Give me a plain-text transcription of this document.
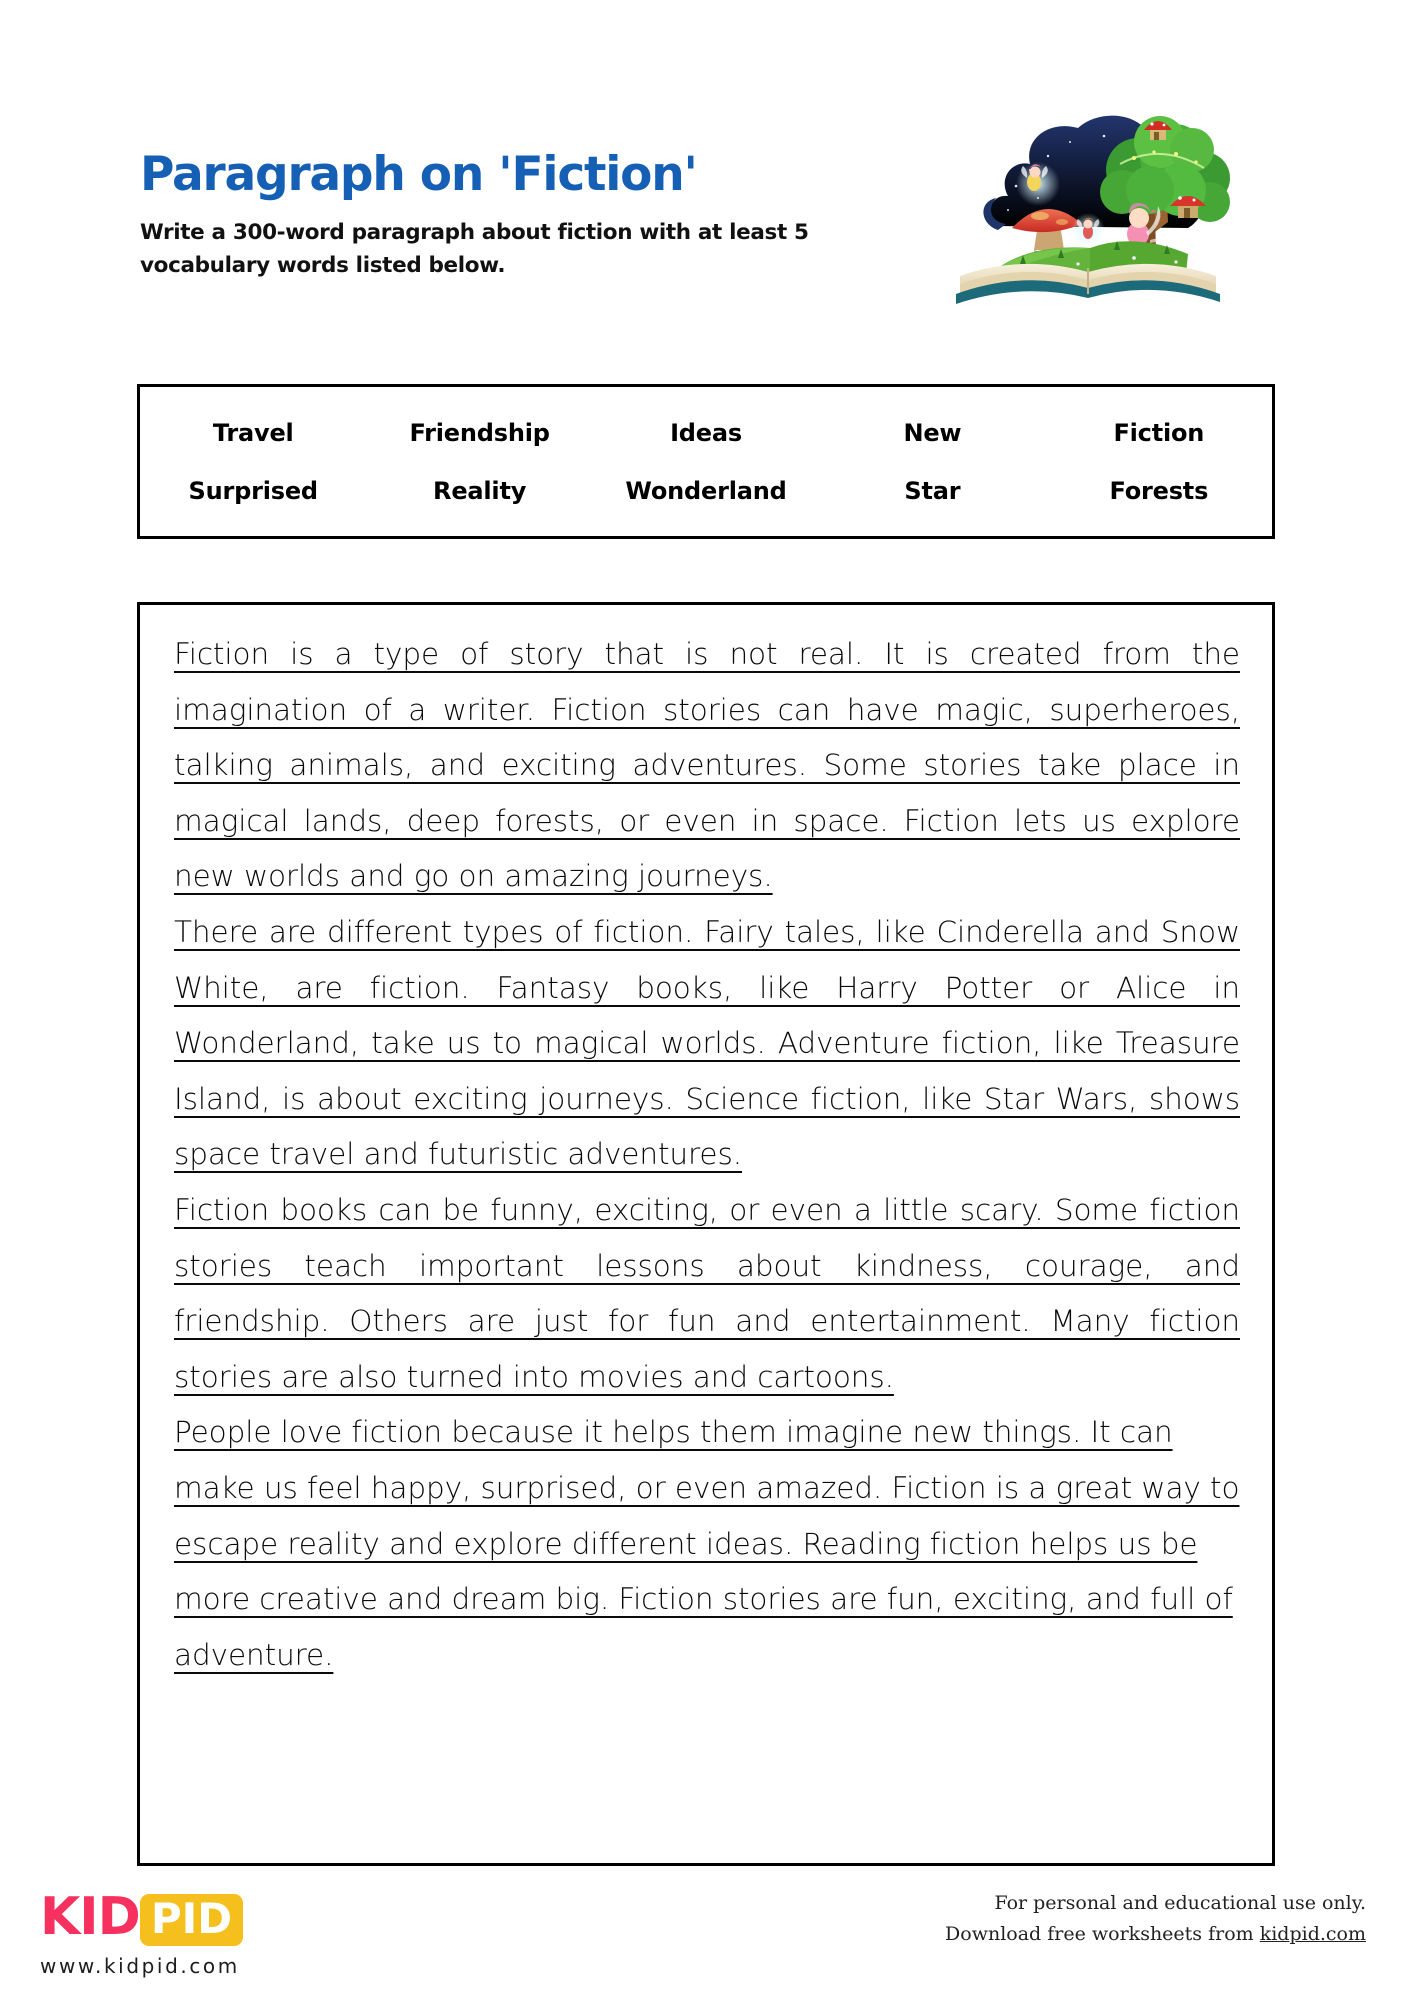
Paragraph on 'Fiction'

Write a 300-word paragraph about fiction with at least 5 vocabulary words listed below.

Travel	Friendship	Ideas	New	Fiction
Surprised	Reality	Wonderland	Star	Forests

Fiction is a type of story that is not real. It is created from the imagination of a writer. Fiction stories can have magic, superheroes, talking animals, and exciting adventures. Some stories take place in magical lands, deep forests, or even in space. Fiction lets us explore new worlds and go on amazing journeys.

There are different types of fiction. Fairy tales, like Cinderella and Snow White, are fiction. Fantasy books, like Harry Potter or Alice in Wonderland, take us to magical worlds. Adventure fiction, like Treasure Island, is about exciting journeys. Science fiction, like Star Wars, shows space travel and futuristic adventures.

Fiction books can be funny, exciting, or even a little scary. Some fiction stories teach important lessons about kindness, courage, and friendship. Others are just for fun and entertainment. Many fiction stories are also turned into movies and cartoons.

People love fiction because it helps them imagine new things. It can make us feel happy, surprised, or even amazed. Fiction is a great way to escape reality and explore different ideas. Reading fiction helps us be more creative and dream big. Fiction stories are fun, exciting, and full of adventure.

KID PID
www.kidpid.com
For personal and educational use only.
Download free worksheets from kidpid.com
